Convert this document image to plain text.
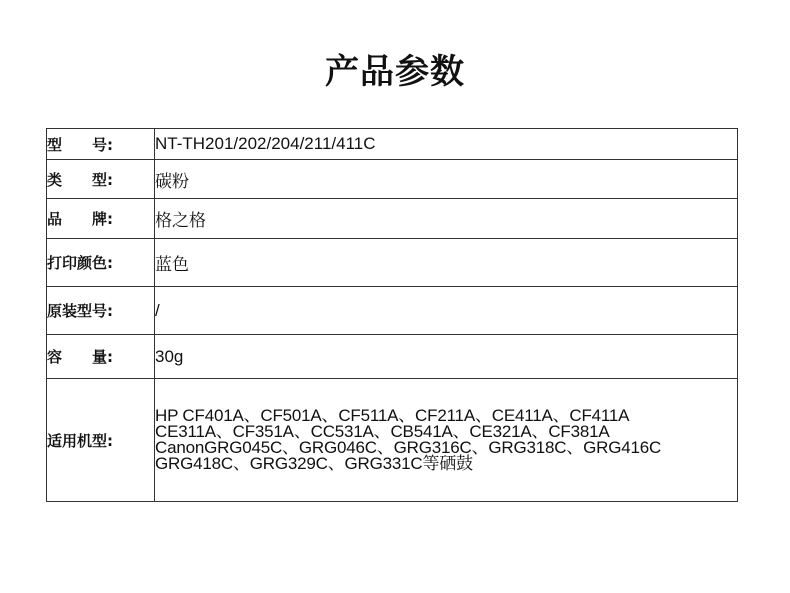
产品参数
型　　号:	NT-TH201/202/204/211/411C
类　　型:	碳粉
品　　牌:	格之格
打印颜色:	蓝色
原装型号:	/
容　　量:	30g
适用机型:	HP CF401A、CF501A、CF511A、CF211A、CE411A、CF411A
CE311A、CF351A、CC531A、CB541A、CE321A、CF381A
CanonGRG045C、GRG046C、GRG316C、GRG318C、GRG416C
GRG418C、GRG329C、GRG331C等硒鼓
